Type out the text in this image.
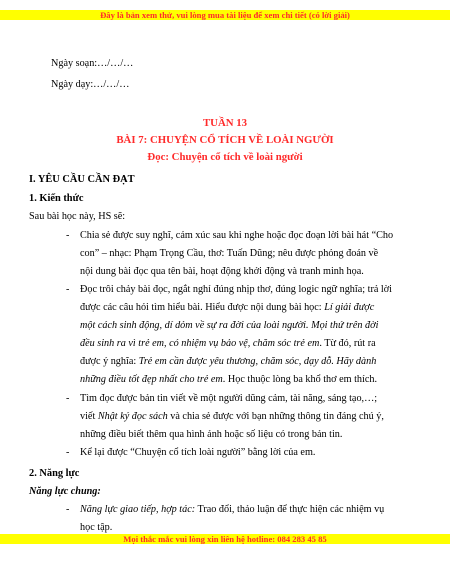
Đây là bản xem thử, vui lòng mua tài liệu để xem chi tiết (có lời giải)
Ngày soạn:…/…/…
Ngày dạy:…/…/…
TUẦN 13
BÀI 7: CHUYỆN CỔ TÍCH VỀ LOÀI NGƯỜI
Đọc: Chuyện cổ tích về loài người
I. YÊU CẦU CẦN ĐẠT
1. Kiến thức
Sau bài học này, HS sẽ:
- Chia sẻ được suy nghĩ, cảm xúc sau khi nghe hoặc đọc đoạn lời bài hát “Cho
con” – nhạc: Phạm Trọng Cầu, thơ: Tuấn Dũng; nêu được phỏng đoán về
nội dung bài đọc qua tên bài, hoạt động khởi động và tranh minh họa.
- Đọc trôi chảy bài đọc, ngắt nghỉ đúng nhịp thơ, đúng logic ngữ nghĩa; trả lời
được các câu hỏi tìm hiểu bài. Hiểu được nội dung bài học: Lí giải được
một cách sinh động, dí dỏm về sự ra đời của loài người. Mọi thứ trên đời
đều sinh ra vì trẻ em, có nhiệm vụ bảo vệ, chăm sóc trẻ em. Từ đó, rút ra
được ý nghĩa: Trẻ em cần được yêu thương, chăm sóc, dạy dỗ. Hãy dành
những điều tốt đẹp nhất cho trẻ em. Học thuộc lòng ba khổ thơ em thích.
- Tìm đọc được bản tin viết về một người dũng cảm, tài năng, sáng tạo,…;
viết Nhật ký đọc sách và chia sẻ được với bạn những thông tin đáng chú ý,
những điều biết thêm qua hình ảnh hoặc số liệu có trong bản tin.
- Kể lại được “Chuyện cổ tích loài người” bằng lời của em.
2. Năng lực
Năng lực chung:
- Năng lực giao tiếp, hợp tác: Trao đổi, thảo luận để thực hiện các nhiệm vụ
học tập.
Mọi thắc mắc vui lòng xin liên hệ hotline: 084 283 45 85
